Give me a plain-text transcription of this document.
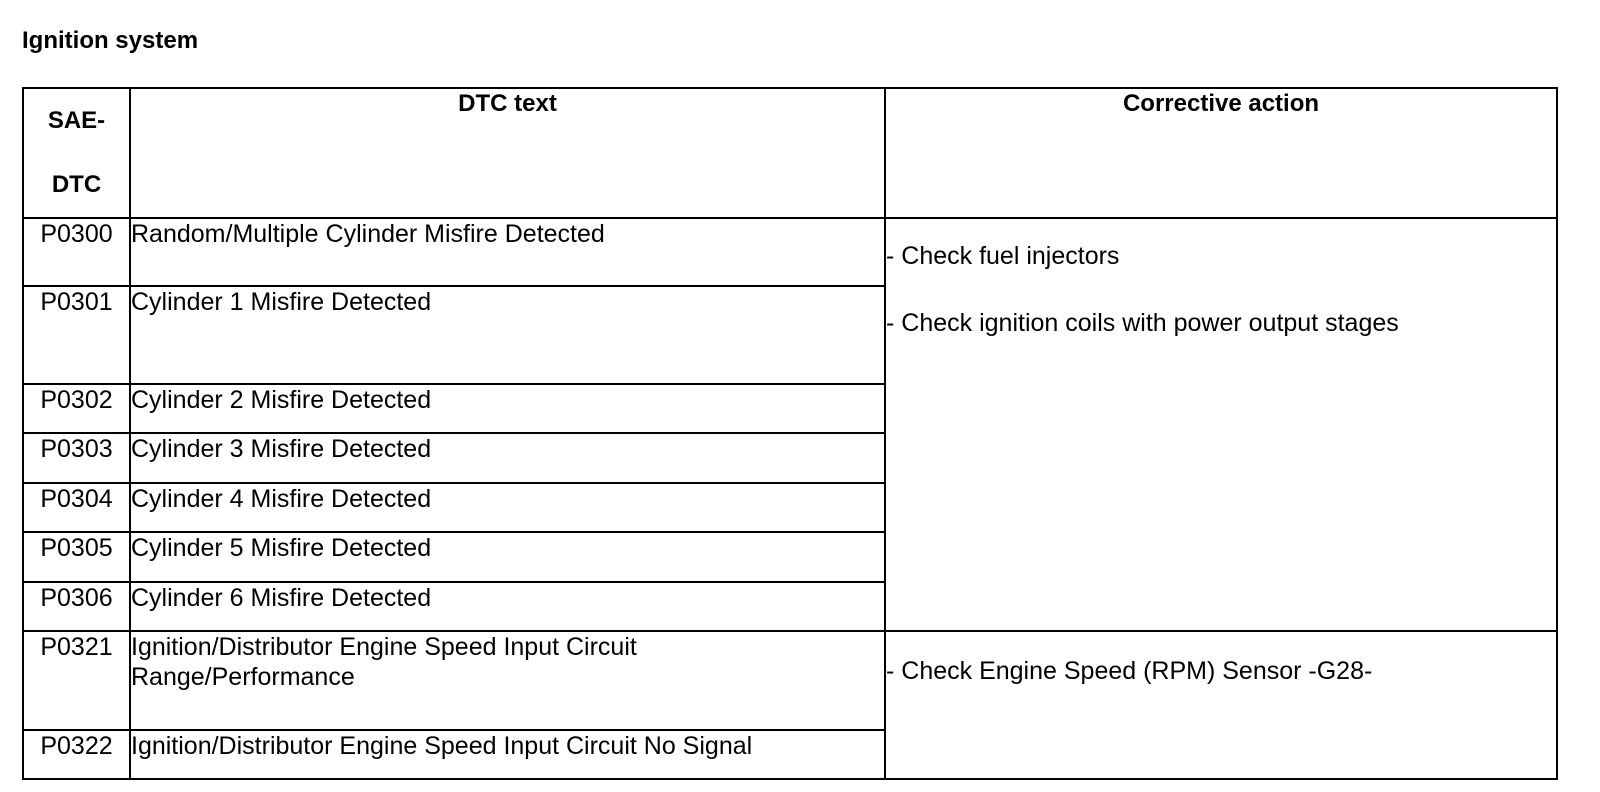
Ignition system
SAE-
DTC	DTC text	Corrective action
P0300	Random/Multiple Cylinder Misfire Detected	- Check fuel injectors
- Check ignition coils with power output stages

P0301	Cylinder 1 Misfire Detected	

P0302	Cylinder 2 Misfire Detected	

P0303	Cylinder 3 Misfire Detected	

P0304	Cylinder 4 Misfire Detected	

P0305	Cylinder 5 Misfire Detected	

P0306	Cylinder 6 Misfire Detected	

P0321	Ignition/Distributor Engine Speed Input Circuit
Range/Performance	- Check Engine Speed (RPM) Sensor -G28-

P0322	Ignition/Distributor Engine Speed Input Circuit No Signal	
